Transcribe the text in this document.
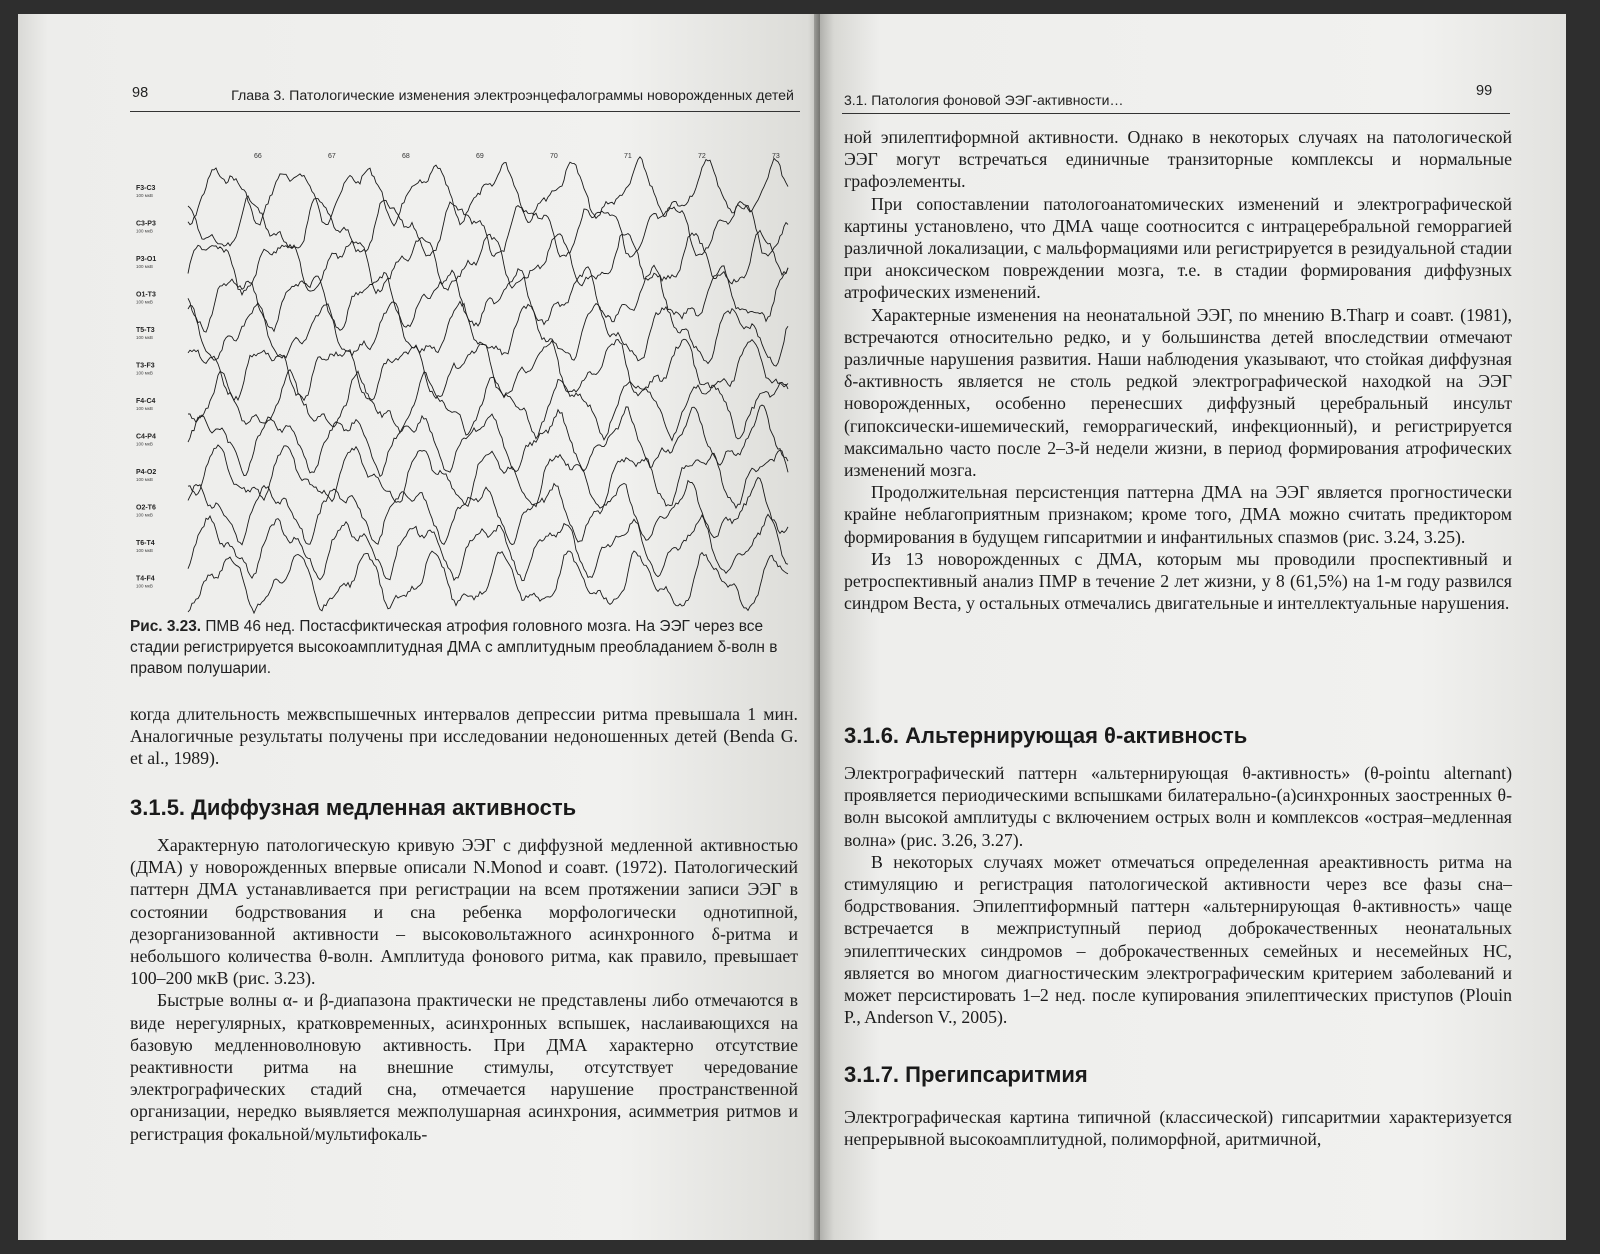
98	Глава 3. Патологические изменения электроэнцефалограммы новорожденных детей
66	67	68	69	70	71	72	73
F3-C3
100 мкВ
C3-P3
100 мкВ
P3-O1
100 мкВ
O1-T3
100 мкВ
T5-T3
100 мкВ
T3-F3
100 мкВ
F4-C4
100 мкВ
C4-P4
100 мкВ
P4-O2
100 мкВ
O2-T6
100 мкВ
T6-T4
100 мкВ
T4-F4
100 мкВ
Рис. 3.23. ПМВ 46 нед. Постасфиктическая атрофия головного мозга. На ЭЭГ через все стадии регистрируется высокоамплитудная ДМА с амплитудным преобладанием δ-волн в правом полушарии.

когда длительность межвспышечных интервалов депрессии ритма превышала 1 мин. Аналогичные результаты получены при исследовании недоношенных детей (Benda G. et al., 1989).

3.1.5. Диффузная медленная активность

Характерную патологическую кривую ЭЭГ с диффузной медленной активностью (ДМА) у новорожденных впервые описали N.Monod и соавт. (1972). Патологический паттерн ДМА устанавливается при регистрации на всем протяжении записи ЭЭГ в состоянии бодрствования и сна ребенка морфологически однотипной, дезорганизованной активности – высоковольтажного асинхронного δ-ритма и небольшого количества θ-волн. Амплитуда фонового ритма, как правило, превышает 100–200 мкВ (рис. 3.23).

Быстрые волны α- и β-диапазона практически не представлены либо отмечаются в виде нерегулярных, кратковременных, асинхронных вспышек, наслаивающихся на базовую медленноволновую активность. При ДМА характерно отсутствие реактивности ритма на внешние стимулы, отсутствует чередование электрографических стадий сна, отмечается нарушение пространственной организации, нередко выявляется межполушарная асинхрония, асимметрия ритмов и регистрация фокальной/мультифокаль-

3.1. Патология фоновой ЭЭГ-активности…
99

ной эпилептиформной активности. Однако в некоторых случаях на патологической ЭЭГ могут встречаться единичные транзиторные комплексы и нормальные графоэлементы.

При сопоставлении патологоанатомических изменений и электрографической картины установлено, что ДМА чаще соотносится с интрацеребральной геморрагией различной локализации, с мальформациями или регистрируется в резидуальной стадии при аноксическом повреждении мозга, т.е. в стадии формирования диффузных атрофических изменений.

Характерные изменения на неонатальной ЭЭГ, по мнению B.Tharp и соавт. (1981), встречаются относительно редко, и у большинства детей впоследствии отмечают различные нарушения развития. Наши наблюдения указывают, что стойкая диффузная δ-активность является не столь редкой электрографической находкой на ЭЭГ новорожденных, особенно перенесших диффузный церебральный инсульт (гипоксически-ишемический, геморрагический, инфекционный), и регистрируется максимально часто после 2–3-й недели жизни, в период формирования атрофических изменений мозга.

Продолжительная персистенция паттерна ДМА на ЭЭГ является прогностически крайне неблагоприятным признаком; кроме того, ДМА можно считать предиктором формирования в будущем гипсаритмии и инфантильных спазмов (рис. 3.24, 3.25).

Из 13 новорожденных с ДМА, которым мы проводили проспективный и ретроспективный анализ ПМР в течение 2 лет жизни, у 8 (61,5%) на 1-м году развился синдром Веста, у остальных отмечались двигательные и интеллектуальные нарушения.

3.1.6. Альтернирующая θ-активность

Электрографический паттерн «альтернирующая θ-активность» (θ-pointu alternant) проявляется периодическими вспышками билатерально-(а)синхронных заостренных θ-волн высокой амплитуды с включением острых волн и комплексов «острая–медленная волна» (рис. 3.26, 3.27).

В некоторых случаях может отмечаться определенная ареактивность ритма на стимуляцию и регистрация патологической активности через все фазы сна–бодрствования. Эпилептиформный паттерн «альтернирующая θ-активность» чаще встречается в межприступный период доброкачественных неонатальных эпилептических синдромов – доброкачественных семейных и несемейных НС, является во многом диагностическим электрографическим критерием заболеваний и может персистировать 1–2 нед. после купирования эпилептических приступов (Plouin P., Anderson V., 2005).

3.1.7. Прегипсаритмия

Электрографическая картина типичной (классической) гипсаритмии характеризуется непрерывной высокоамплитудной, полиморфной, аритмичной,
